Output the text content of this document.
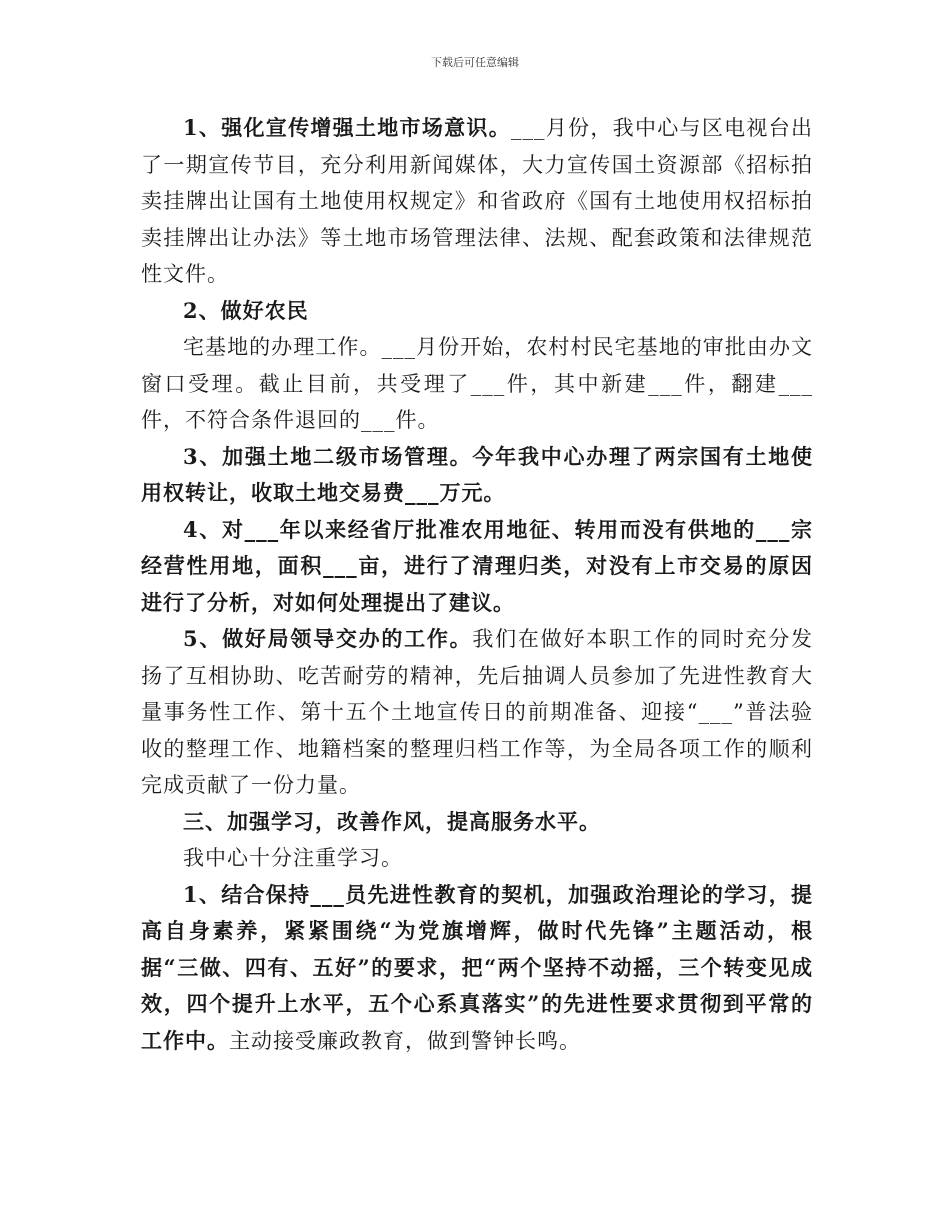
下载后可任意编辑

1、强化宣传增强土地市场意识。___月份，我中心与区电视台出了一期宣传节目，充分利用新闻媒体，大力宣传国土资源部《招标拍卖挂牌出让国有土地使用权规定》和省政府《国有土地使用权招标拍卖挂牌出让办法》等土地市场管理法律、法规、配套政策和法律规范性文件。

2、做好农民

宅基地的办理工作。___月份开始，农村村民宅基地的审批由办文窗口受理。截止目前，共受理了___件，其中新建___件，翻建___件，不符合条件退回的___件。

3、加强土地二级市场管理。今年我中心办理了两宗国有土地使用权转让，收取土地交易费___万元。

4、对___年以来经省厅批准农用地征、转用而没有供地的___宗经营性用地，面积___亩，进行了清理归类，对没有上市交易的原因进行了分析，对如何处理提出了建议。

5、做好局领导交办的工作。我们在做好本职工作的同时充分发扬了互相协助、吃苦耐劳的精神，先后抽调人员参加了先进性教育大量事务性工作、第十五个土地宣传日的前期准备、迎接“___”普法验收的整理工作、地籍档案的整理归档工作等，为全局各项工作的顺利完成贡献了一份力量。

三、加强学习，改善作风，提高服务水平。

我中心十分注重学习。

1、结合保持___员先进性教育的契机，加强政治理论的学习，提高自身素养，紧紧围绕“为党旗增辉，做时代先锋”主题活动，根据“三做、四有、五好”的要求，把“两个坚持不动摇，三个转变见成效，四个提升上水平，五个心系真落实”的先进性要求贯彻到平常的工作中。主动接受廉政教育，做到警钟长鸣。
